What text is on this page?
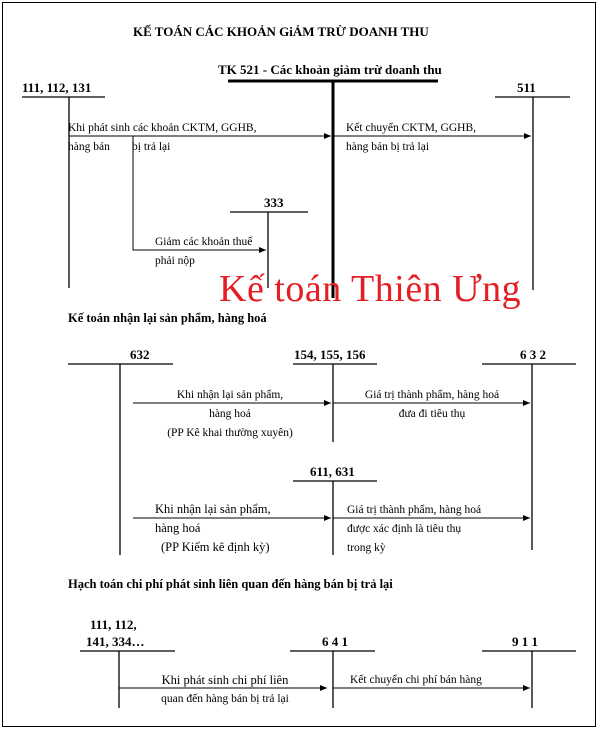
KẾ TOÁN CÁC KHOẢN GiẢM TRỪ DOANH THU
TK 521 - Các khoản giảm trừ doanh thu
111, 112, 131	511
333
Khi phát sinh các khoản CKTM, GGHB,
hàng bán bị trả lại
Kết chuyển CKTM, GGHB,
hàng bán bị trả lại
Giảm các khoản thuế
phải nộp
Kế toán Thiên Ưng
Kế toán nhận lại sản phẩm, hàng hoá
632	154, 155, 156	6 3 2
611, 631
Khi nhận lại sản phẩm,
hàng hoá
(PP Kê khai thường xuyên)
Giá trị thành phẩm, hàng hoá
đưa đi tiêu thụ
Khi nhận lại sản phẩm,
hàng hoá
(PP Kiểm kê định kỳ)
Giá trị thành phẩm, hàng hoá
được xác định là tiêu thụ
trong kỳ
Hạch toán chi phí phát sinh liên quan đến hàng bán bị trả lại
111, 112,
141, 334…	6 4 1	9 1 1
Khi phát sinh chi phí liên
quan đến hàng bán bị trả lại
Kết chuyển chi phí bán hàng
